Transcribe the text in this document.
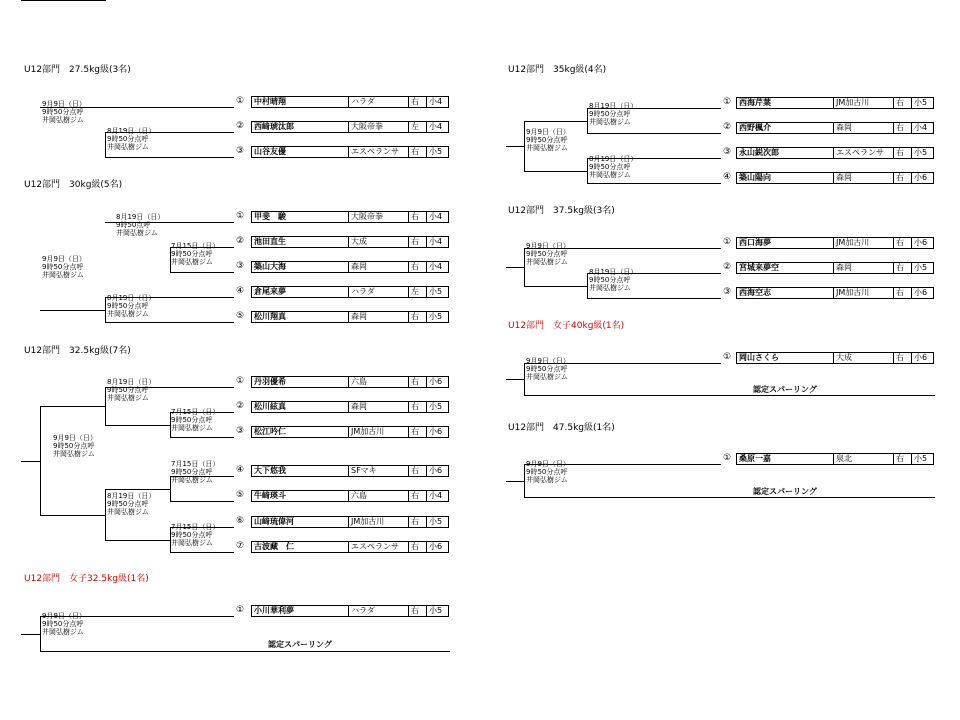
U12部門　27.5kg級(3名)
①	中村晴翔	ハラダ	右	小4
②	西﨑琥汰郎	大阪帝拳	左	小4
③	山谷友優	エスペランサ	右	小5
9月9日（日）
9時50分点呼
井岡弘樹ジム
8月19日（日）
9時50分点呼
井岡弘樹ジム
U12部門　30kg級(5名)
①	甲斐　駿	大阪帝拳	右	小4
②	池田直生	大成	右	小4
③	築山大海	森岡	右	小4
④	倉尾来夢	ハラダ	左	小5
⑤	松川翔真	森岡	右	小5
8月19日（日）
9時50点呼
井岡弘樹ジム
7月15日（日）
9時50分点呼
井岡弘樹ジム
9月9日（日）
9時50分点呼
井岡弘樹ジム
8月19日（日）
9時50分点呼
井岡弘樹ジム
U12部門　32.5kg級(7名)
①	丹羽優希	六島	右	小6
②	松川絃真	森岡	右	小5
③	松江吟仁	JM加古川	右	小6
④	大下悠我	SFマキ	右	小6
⑤	牛﨑瑛斗	六島	右	小4
⑥	山﨑琉偉河	JM加古川	右	小5
⑦	古波藏　仁	エスペランサ	右	小6
8月19日（日）
9時50分点呼
井岡弘樹ジム
7月15日（日）
9時50分点呼
井岡弘樹ジム
9月9日（日）
9時50分点呼
井岡弘樹ジム
7月15日（日）
9時50分点呼
井岡弘樹ジム
8月19日（日）
9時50分点呼
井岡弘樹ジム
7月15日（日）
9時50分点呼
井岡弘樹ジム
U12部門　女子32.5kg級(1名)
①	小川華利夢	ハラダ	右	小5
9月9日（日）
9時50分点呼
井岡弘樹ジム
認定スパーリング
U12部門　35kg級(4名)
① 西海芹葉	JM加古川	右	小5
② 西野楓介	森岡	右	小4
③ 永山鋭次郎	エスペランサ	右	小5
④ 築山陽向	森岡	右	小6
8月19日（日）
9時50分点呼
井岡弘樹ジム
9月9日（日）
9時50分点呼
井岡弘樹ジム
8月19日（日）
9時50分点呼
井岡弘樹ジム
U12部門　37.5kg級(3名)
① 西口海夢	JM加古川	右	小6
② 宮城来夢空	森岡	右	小5
③ 西海空志	JM加古川	右	小6
9月9日（日）
9時50分点呼
井岡弘樹ジム
8月19日（日）
9時50分点呼
井岡弘樹ジム
U12部門　女子40kg級(1名)
① 岡山さくら	大成	右	小6
9月9日（日）
9時50分点呼
井岡弘樹ジム
認定スパーリング
U12部門　47.5kg級(1名)
① 桑原一嘉	泉北	右	小5
9月9日（日）
9時50分点呼
井岡弘樹ジム
認定スパーリング
